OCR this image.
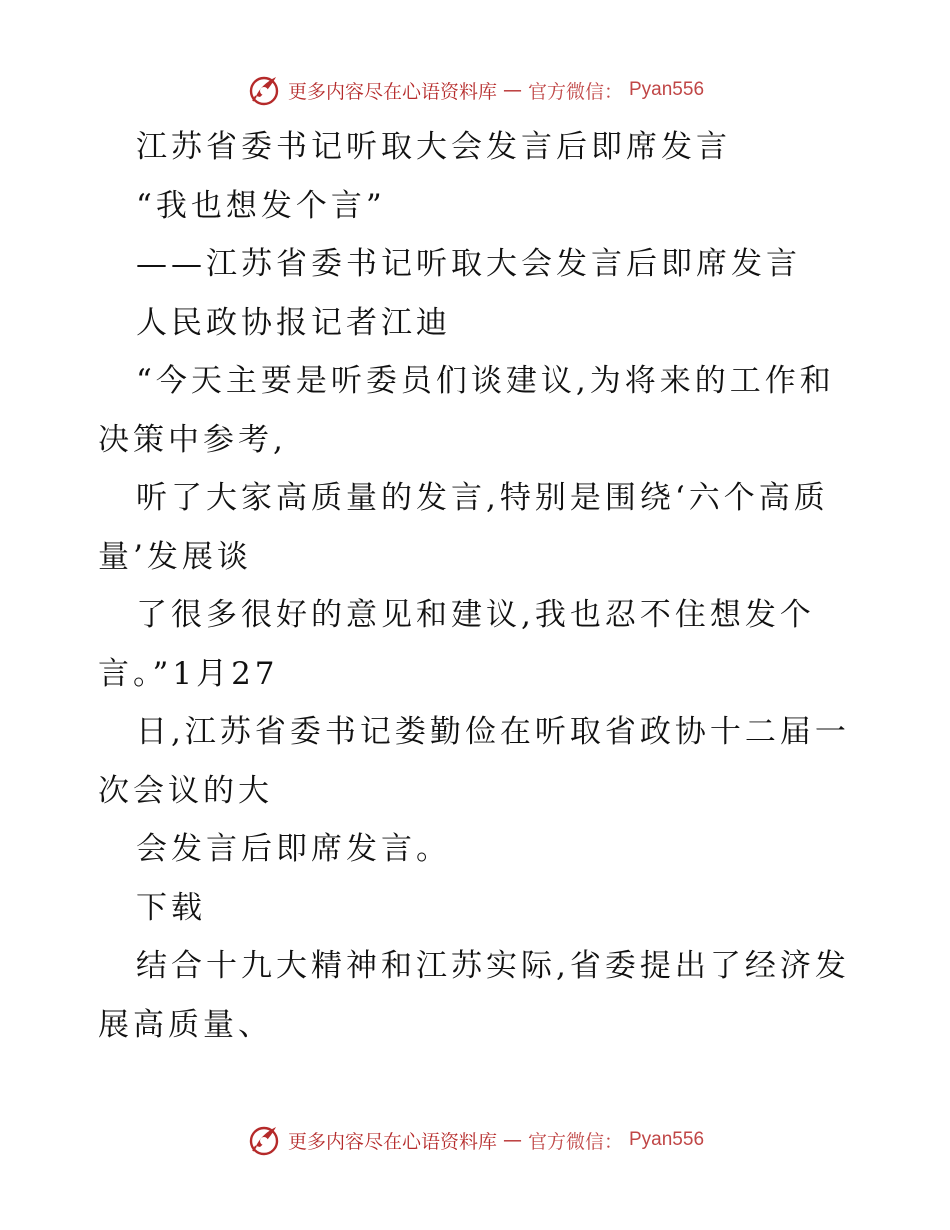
更多内容尽在心语资料库 — 官方微信： Pyan556
江苏省委书记听取大会发言后即席发言
“我也想发个言”
——江苏省委书记听取大会发言后即席发言
人民政协报记者江迪
“今天主要是听委员们谈建议,为将来的工作和
决策中参考,
听了大家高质量的发言,特别是围绕‘六个高质
量’发展谈
了很多很好的意见和建议,我也忍不住想发个
言。”1月27
日,江苏省委书记娄勤俭在听取省政协十二届一
次会议的大
会发言后即席发言。
下载
结合十九大精神和江苏实际,省委提出了经济发
展高质量、
更多内容尽在心语资料库 — 官方微信： Pyan556
